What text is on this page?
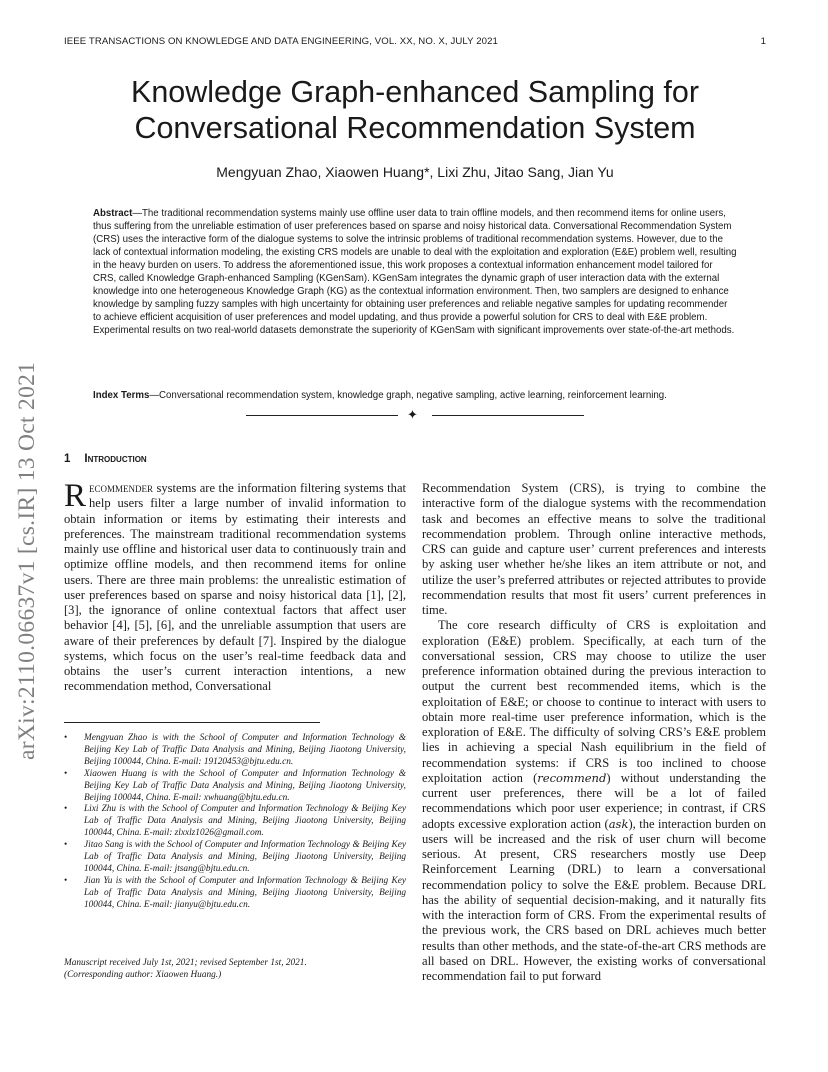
IEEE TRANSACTIONS ON KNOWLEDGE AND DATA ENGINEERING, VOL. XX, NO. X, JULY 2021	1
arXiv:2110.06637v1 [cs.IR] 13 Oct 2021
Knowledge Graph-enhanced Sampling for
Conversational Recommendation System
Mengyuan Zhao, Xiaowen Huang*, Lixi Zhu, Jitao Sang, Jian Yu

Abstract—The traditional recommendation systems mainly use offline user data to train offline models, and then recommend items for online users, thus suffering from the unreliable estimation of user preferences based on sparse and noisy historical data. Conversational Recommendation System (CRS) uses the interactive form of the dialogue systems to solve the intrinsic problems of traditional recommendation systems. However, due to the lack of contextual information modeling, the existing CRS models are unable to deal with the exploitation and exploration (E&E) problem well, resulting in the heavy burden on users. To address the aforementioned issue, this work proposes a contextual information enhancement model tailored for CRS, called Knowledge Graph-enhanced Sampling (KGenSam). KGenSam integrates the dynamic graph of user interaction data with the external knowledge into one heterogeneous Knowledge Graph (KG) as the contextual information environment. Then, two samplers are designed to enhance knowledge by sampling fuzzy samples with high uncertainty for obtaining user preferences and reliable negative samples for updating recommender to achieve efficient acquisition of user preferences and model updating, and thus provide a powerful solution for CRS to deal with E&E problem. Experimental results on two real-world datasets demonstrate the superiority of KGenSam with significant improvements over state-of-the-art methods.

Index Terms—Conversational recommendation system, knowledge graph, negative sampling, active learning, reinforcement learning.

✦
1 Introduction

Recommender systems are the information filtering systems that help users filter a large number of invalid information to obtain information or items by estimating their interests and preferences. The mainstream traditional recommendation systems mainly use offline and historical user data to continuously train and optimize offline models, and then recommend items for online users. There are three main problems: the unrealistic estimation of user preferences based on sparse and noisy historical data [1], [2], [3], the ignorance of online contextual factors that affect user behavior [4], [5], [6], and the unreliable assumption that users are aware of their preferences by default [7]. Inspired by the dialogue systems, which focus on the user’s real-time feedback data and obtains the user’s current interaction intentions, a new recommendation method, Conversational

• Mengyuan Zhao is with the School of Computer and Information Technology & Beijing Key Lab of Traffic Data Analysis and Mining, Beijing Jiaotong University, Beijing 100044, China. E-mail: 19120453@bjtu.edu.cn.
• Xiaowen Huang is with the School of Computer and Information Technology & Beijing Key Lab of Traffic Data Analysis and Mining, Beijing Jiaotong University, Beijing 100044, China. E-mail: xwhuang@bjtu.edu.cn.
• Lixi Zhu is with the School of Computer and Information Technology & Beijing Key Lab of Traffic Data Analysis and Mining, Beijing Jiaotong University, Beijing 100044, China. E-mail: zlxxlz1026@gmail.com.
• Jitao Sang is with the School of Computer and Information Technology & Beijing Key Lab of Traffic Data Analysis and Mining, Beijing Jiaotong University, Beijing 100044, China. E-mail: jtsang@bjtu.edu.cn.
• Jian Yu is with the School of Computer and Information Technology & Beijing Key Lab of Traffic Data Analysis and Mining, Beijing Jiaotong University, Beijing 100044, China. E-mail: jianyu@bjtu.edu.cn.

Manuscript received July 1st, 2021; revised September 1st, 2021.
(Corresponding author: Xiaowen Huang.)

Recommendation System (CRS), is trying to combine the interactive form of the dialogue systems with the recommendation task and becomes an effective means to solve the traditional recommendation problem. Through online interactive methods, CRS can guide and capture user’ current preferences and interests by asking user whether he/she likes an item attribute or not, and utilize the user’s preferred attributes or rejected attributes to provide recommendation results that most fit users’ current preferences in time.

The core research difficulty of CRS is exploitation and exploration (E&E) problem. Specifically, at each turn of the conversational session, CRS may choose to utilize the user preference information obtained during the previous interaction to output the current best recommended items, which is the exploitation of E&E; or choose to continue to interact with users to obtain more real-time user preference information, which is the exploration of E&E. The difficulty of solving CRS’s E&E problem lies in achieving a special Nash equilibrium in the field of recommendation systems: if CRS is too inclined to choose exploitation action (recommend) without understanding the current user preferences, there will be a lot of failed recommendations which poor user experience; in contrast, if CRS adopts excessive exploration action (ask), the interaction burden on users will be increased and the risk of user churn will become serious. At present, CRS researchers mostly use Deep Reinforcement Learning (DRL) to learn a conversational recommendation policy to solve the E&E problem. Because DRL has the ability of sequential decision-making, and it naturally fits with the interaction form of CRS. From the experimental results of the previous work, the CRS based on DRL achieves much better results than other methods, and the state-of-the-art CRS methods are all based on DRL. However, the existing works of conversational recommendation fail to put forward
